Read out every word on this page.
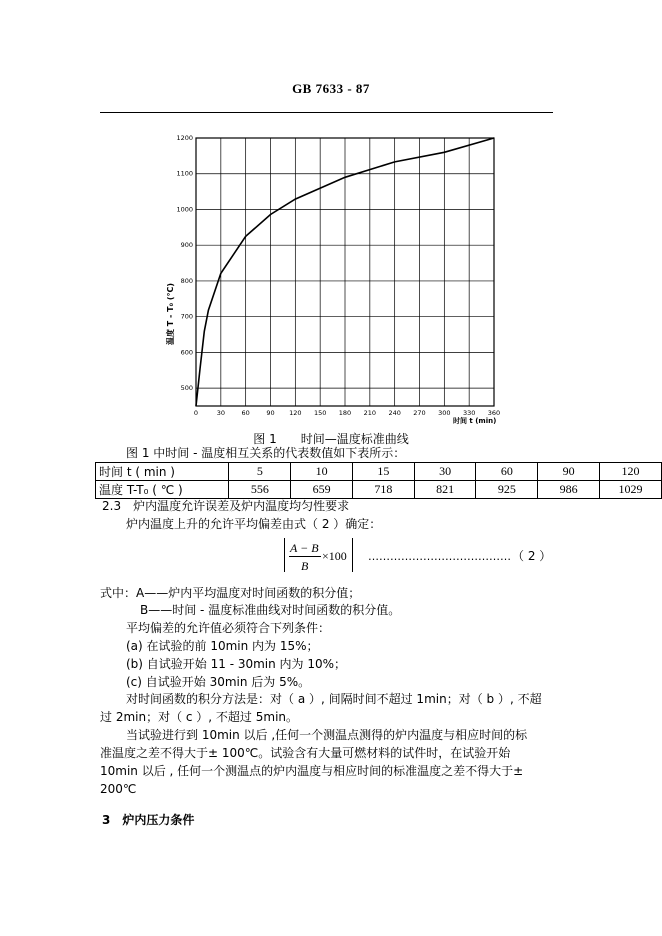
GB 7633 - 87
0	30	60	90 120 150 180 210 240 270 300 330 360
500
600
700
800
900
1000
1100
1200
温度 T - T₀ (°C)
时间 t (min)
图 1　　时间—温度标准曲线
图 1 中时间 - 温度相互关系的代表数值如下表所示：
时间 t ( min )	5	10	15	30	60	90	120
温度 T-T₀ ( ℃ )	556	659	718	821	925	986	1029
2.3　炉内温度允许误差及炉内温度均匀性要求
炉内温度上升的允许平均偏差由式（ 2 ）确定：
A − B
B
×100 ………………………………… （ 2 ）
式中：A——炉内平均温度对时间函数的积分值；
B——时间 - 温度标准曲线对时间函数的积分值。
平均偏差的允许值必须符合下列条件：
(a) 在试验的前 10min 内为 15%；
(b) 自试验开始 11 - 30min 内为 10%；
(c) 自试验开始 30min 后为 5%。
对时间函数的积分方法是：对（ a ）, 间隔时间不超过 1min；对（ b ）, 不超
过 2min；对（ c ）, 不超过 5min。
当试验进行到 10min 以后 ,任何一个测温点测得的炉内温度与相应时间的标
准温度之差不得大于± 100℃。试验含有大量可燃材料的试件时，在试验开始
10min 以后 , 任何一个测温点的炉内温度与相应时间的标准温度之差不得大于±
200℃
3　炉内压力条件
